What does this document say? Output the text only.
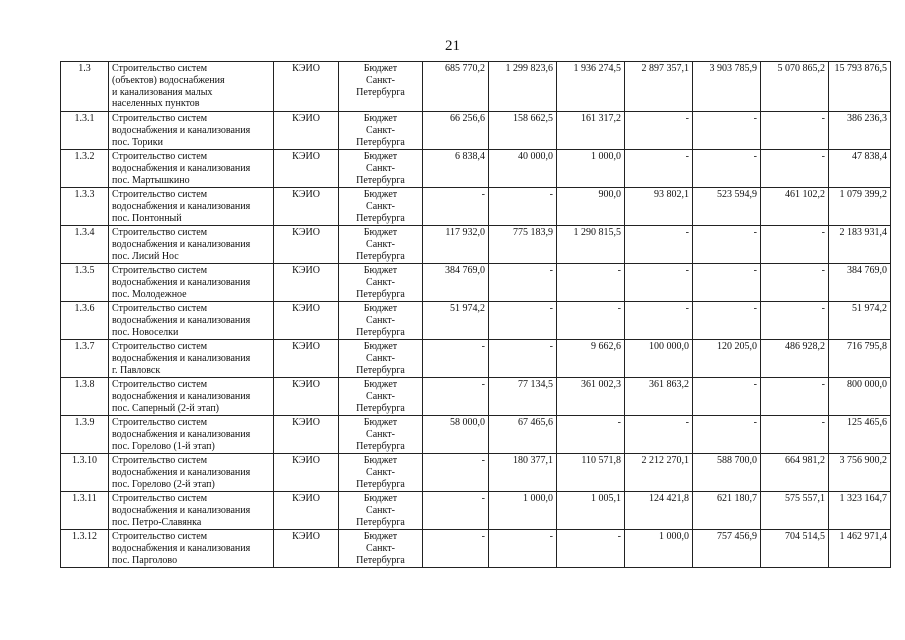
21
1.3	Строительство систем
(объектов) водоснабжения
и канализования малых
населенных пунктов	КЭИО	Бюджет
Санкт-
Петербурга	685 770,2	1 299 823,6	1 936 274,5	2 897 357,1	3 903 785,9	5 070 865,2	15 793 876,5
1.3.1	Строительство систем
водоснабжения и канализования
пос. Торики	КЭИО	Бюджет
Санкт-
Петербурга	66 256,6	158 662,5	161 317,2	-	-	-	386 236,3
1.3.2	Строительство систем
водоснабжения и канализования
пос. Мартышкино	КЭИО	Бюджет
Санкт-
Петербурга	6 838,4	40 000,0	1 000,0	-	-	-	47 838,4
1.3.3	Строительство систем
водоснабжения и канализования
пос. Понтонный	КЭИО	Бюджет
Санкт-
Петербурга	-	-	900,0	93 802,1	523 594,9	461 102,2	1 079 399,2
1.3.4	Строительство систем
водоснабжения и канализования
пос. Лисий Нос	КЭИО	Бюджет
Санкт-
Петербурга	117 932,0	775 183,9	1 290 815,5	-	-	-	2 183 931,4
1.3.5	Строительство систем
водоснабжения и канализования
пос. Молодежное	КЭИО	Бюджет
Санкт-
Петербурга	384 769,0	-	-	-	-	-	384 769,0
1.3.6	Строительство систем
водоснабжения и канализования
пос. Новоселки	КЭИО	Бюджет
Санкт-
Петербурга	51 974,2	-	-	-	-	-	51 974,2
1.3.7	Строительство систем
водоснабжения и канализования
г. Павловск	КЭИО	Бюджет
Санкт-
Петербурга	-	-	9 662,6	100 000,0	120 205,0	486 928,2	716 795,8
1.3.8	Строительство систем
водоснабжения и канализования
пос. Саперный (2-й этап)	КЭИО	Бюджет
Санкт-
Петербурга	-	77 134,5	361 002,3	361 863,2	-	-	800 000,0
1.3.9	Строительство систем
водоснабжения и канализования
пос. Горелово (1-й этап)	КЭИО	Бюджет
Санкт-
Петербурга	58 000,0	67 465,6	-	-	-	-	125 465,6
1.3.10	Строительство систем
водоснабжения и канализования
пос. Горелово (2-й этап)	КЭИО	Бюджет
Санкт-
Петербурга	-	180 377,1	110 571,8	2 212 270,1	588 700,0	664 981,2	3 756 900,2
1.3.11	Строительство систем
водоснабжения и канализования
пос. Петро-Славянка	КЭИО	Бюджет
Санкт-
Петербурга	-	1 000,0	1 005,1	124 421,8	621 180,7	575 557,1	1 323 164,7
1.3.12	Строительство систем
водоснабжения и канализования
пос. Парголово	КЭИО	Бюджет
Санкт-
Петербурга	-	-	-	1 000,0	757 456,9	704 514,5	1 462 971,4
